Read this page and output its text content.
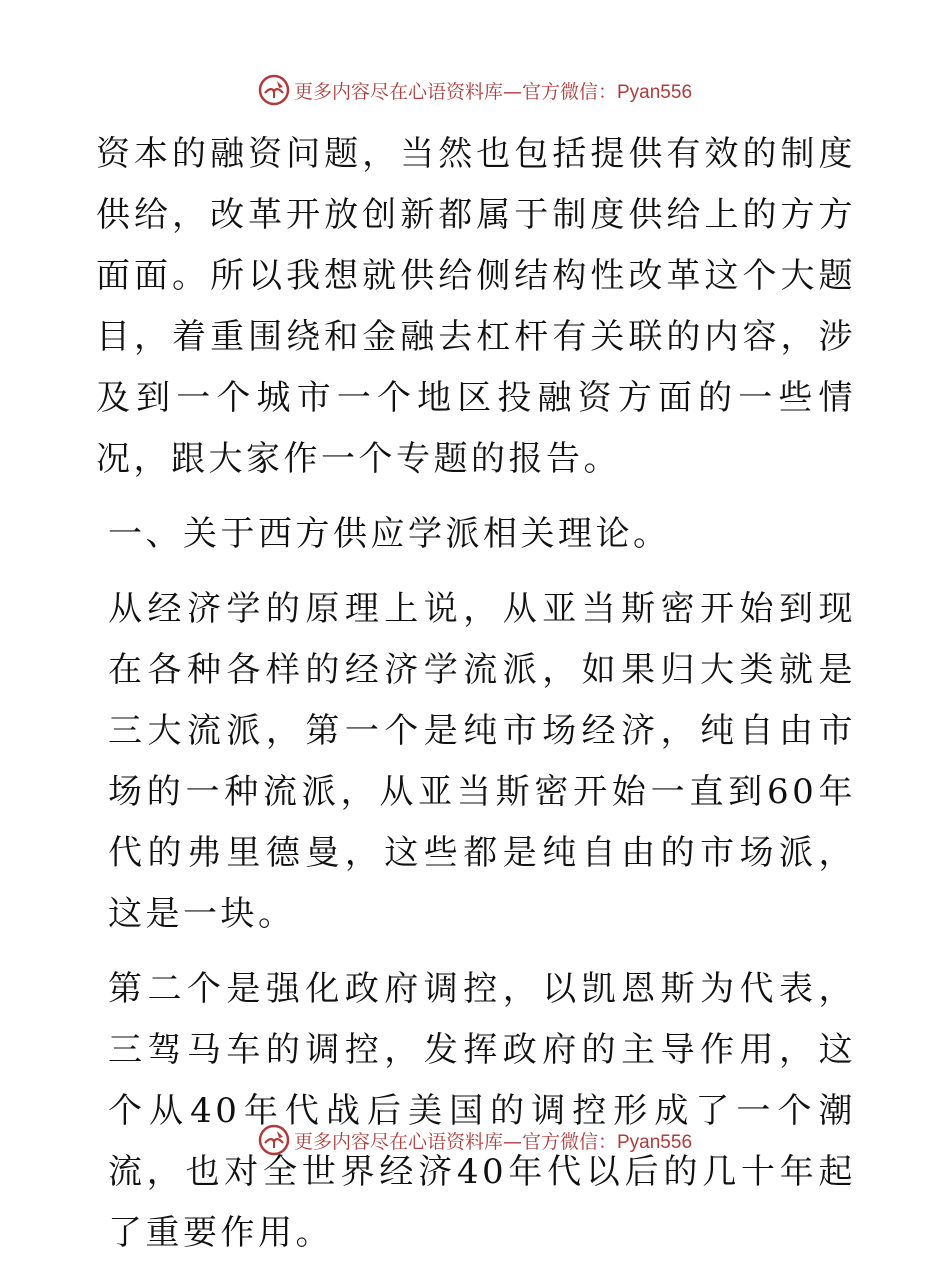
更多内容尽在心语资料库—官方微信：Pyan556

资本的融资问题，当然也包括提供有效的制度供给，改革开放创新都属于制度供给上的方方面面。所以我想就供给侧结构性改革这个大题目，着重围绕和金融去杠杆有关联的内容，涉及到一个城市一个地区投融资方面的一些情况，跟大家作一个专题的报告。

一、关于西方供应学派相关理论。

从经济学的原理上说，从亚当斯密开始到现在各种各样的经济学流派，如果归大类就是三大流派，第一个是纯市场经济，纯自由市场的一种流派，从亚当斯密开始一直到60年代的弗里德曼，这些都是纯自由的市场派，这是一块。

第二个是强化政府调控，以凯恩斯为代表，三驾马车的调控，发挥政府的主导作用，这个从40年代战后美国的调控形成了一个潮流，也对全世界经济40年代以后的几十年起了重要作用。

更多内容尽在心语资料库—官方微信：Pyan556
